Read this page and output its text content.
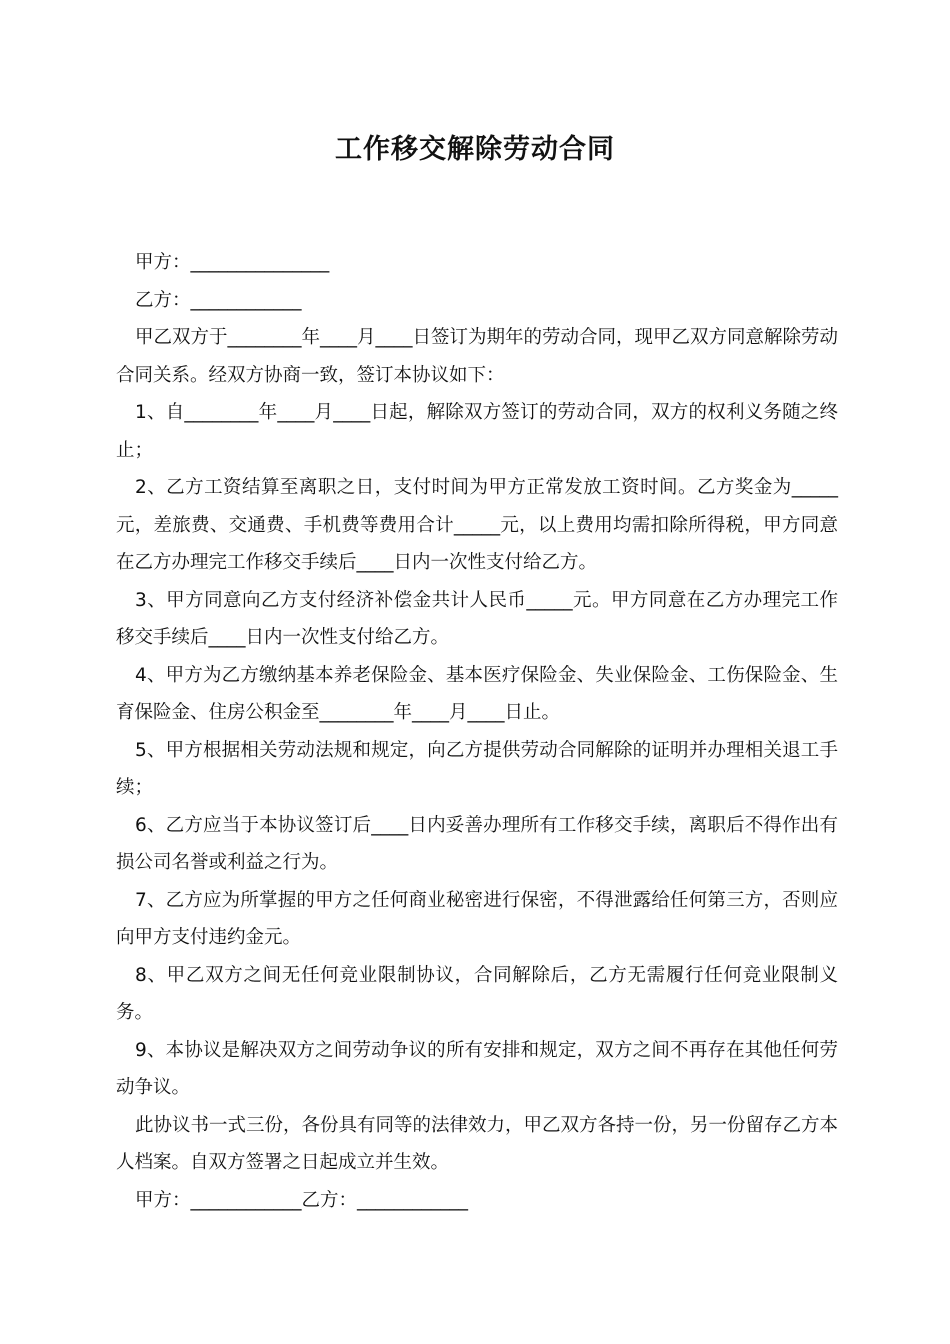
工作移交解除劳动合同

甲方：_______________

乙方：____________

甲乙双方于________年____月____日签订为期年的劳动合同，现甲乙双方同意解除劳动合同关系。经双方协商一致，签订本协议如下：

1、自________年____月____日起，解除双方签订的劳动合同，双方的权利义务随之终止；

2、乙方工资结算至离职之日，支付时间为甲方正常发放工资时间。乙方奖金为_____元，差旅费、交通费、手机费等费用合计_____元，以上费用均需扣除所得税，甲方同意在乙方办理完工作移交手续后____日内一次性支付给乙方。

3、甲方同意向乙方支付经济补偿金共计人民币_____元。甲方同意在乙方办理完工作移交手续后____日内一次性支付给乙方。

4、甲方为乙方缴纳基本养老保险金、基本医疗保险金、失业保险金、工伤保险金、生育保险金、住房公积金至________年____月____日止。

5、甲方根据相关劳动法规和规定，向乙方提供劳动合同解除的证明并办理相关退工手续；

6、乙方应当于本协议签订后____日内妥善办理所有工作移交手续，离职后不得作出有损公司名誉或利益之行为。

7、乙方应为所掌握的甲方之任何商业秘密进行保密，不得泄露给任何第三方，否则应向甲方支付违约金元。

8、甲乙双方之间无任何竞业限制协议，合同解除后，乙方无需履行任何竞业限制义务。

9、本协议是解决双方之间劳动争议的所有安排和规定，双方之间不再存在其他任何劳动争议。

此协议书一式三份，各份具有同等的法律效力，甲乙双方各持一份，另一份留存乙方本人档案。自双方签署之日起成立并生效。

甲方：____________乙方：____________
